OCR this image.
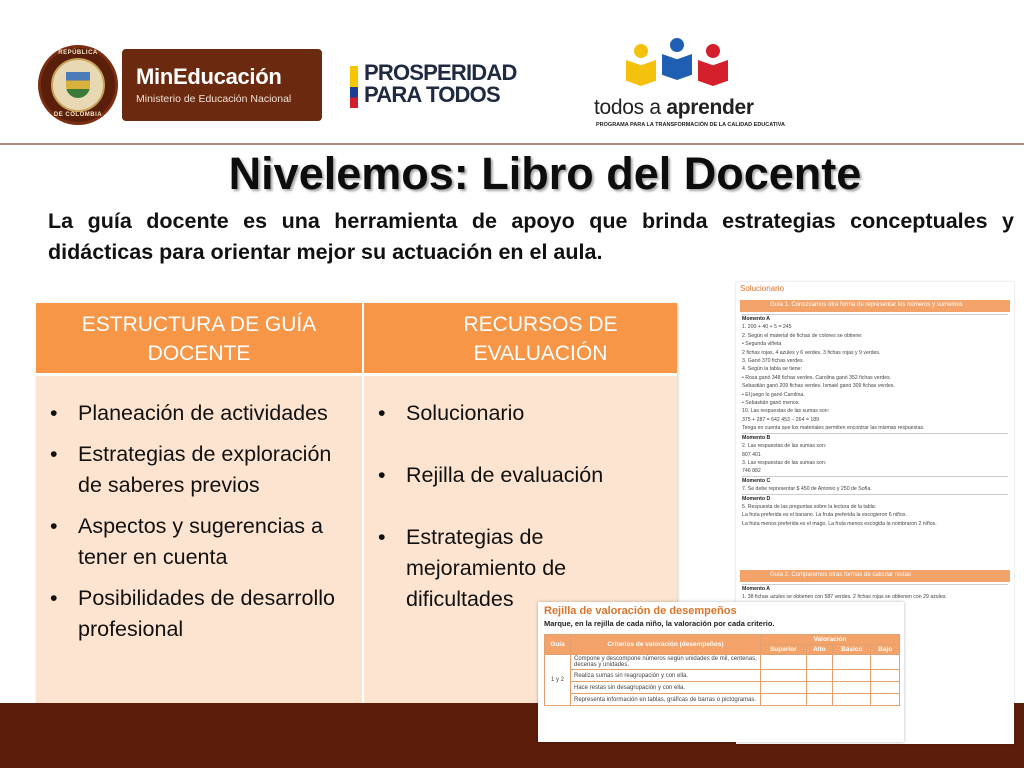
REPÚBLICA
DE COLOMBIA
MinEducación
Ministerio de Educación Nacional
PROSPERIDAD
PARA TODOS
todos a aprender
PROGRAMA PARA LA TRANSFORMACIÓN DE LA CALIDAD EDUCATIVA
Nivelemos: Libro del Docente

La guía docente es una herramienta de apoyo que brinda estrategias conceptuales y didácticas para orientar mejor su actuación en el aula.

ESTRUCTURA DE GUÍA DOCENTE
RECURSOS DE EVALUACIÓN
• Planeación de actividades
• Estrategias de exploración de saberes previos
• Aspectos y sugerencias a tener en cuenta
• Posibilidades de desarrollo profesional
• Solucionario
• Rejilla de evaluación
• Estrategias de mejoramiento de dificultades
Solucionario
Guía 1. Conozcamos otra forma de representar los números y sumemos
Momento A
1. 200 + 40 + 5 = 245
2. Según el material de fichas de colores se obtiene:
• Segunda viñeta
2 fichas rojas, 4 azules y 6 verdes. 3 fichas rojas y 9 verdes.
3. Ganó 370 fichas verdes.
4. Según la tabla se tiene:
• Rosa ganó 348 fichas verdes. Carolina ganó 352 fichas verdes.
Sebastián ganó 209 fichas verdes. Ismael ganó 309 fichas verdes.
• El juego lo ganó Carolina.
• Sebastián ganó menos.
10. Las respuestas de las sumas son:
375 + 287 = 642 453 − 264 = 189
Tenga en cuenta que los materiales permiten encontrar las mismas respuestas.
Momento B
2. Las respuestas de las sumas son:
807 401
3. Las respuestas de las sumas son:
746 882
Momento C
7. Se debe representar $ 450 de Antonio y 250 de Sofía.
Momento D
5. Respuesta de las preguntas sobre la lectura de la tabla:
La fruta preferida es el banano. La fruta preferida la escogieron 6 niños.
La fruta menos preferida es el mago. La fruta menos escogida la nombraron 2 niños.
Guía 2. Comparemos otras formas de calcular restas
Momento A
1. 38 fichas azules se obtienen con 587 verdes. 2 fichas rojas se obtienen con 29 azules.
Rejilla de valoración de desempeños
Marque, en la rejilla de cada niño, la valoración por cada criterio.
Guía	Criterios de valoración (desempeños)	Valoración			
		Superior	Alto	Básico	Bajo
1 y 2	Compone y descompone números según unidades de mil, centenas, decenas y unidades.				
	Realiza sumas sin reagrupación y con ella.				
	Hace restas sin desagrupación y con ella.				
	Representa información en tablas, gráficas de barras o pictogramas.				
